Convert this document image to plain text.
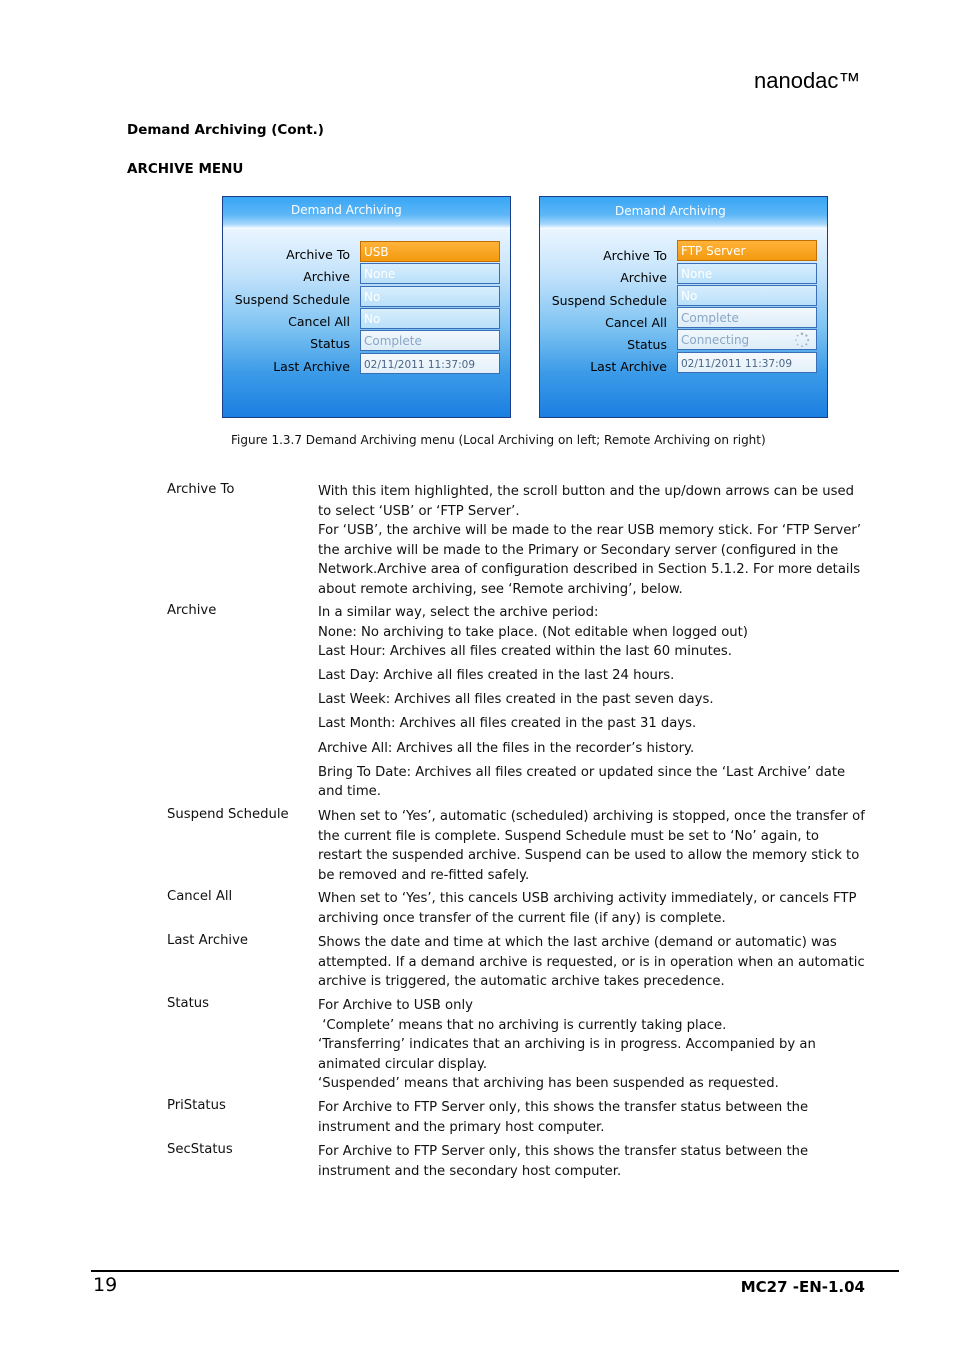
nanodac™
Demand Archiving (Cont.)
ARCHIVE MENU
Demand Archiving
Archive To	USB
Archive	None
Suspend Schedule	No
Cancel All	No
Status	Complete
Last Archive	02/11/2011 11:37:09
Demand Archiving
Archive To	FTP Server
Archive	None
Suspend Schedule	No
Cancel All	Complete
Status	Connecting
Last Archive	02/11/2011 11:37:09
Figure 1.3.7 Demand Archiving menu (Local Archiving on left; Remote Archiving on right)
Archive To	With this item highlighted, the scroll button and the up/down arrows can be used to select ‘USB’ or ‘FTP Server’.

For ‘USB’, the archive will be made to the rear USB memory stick. For ‘FTP Server’ the archive will be made to the Primary or Secondary server (configured in the Network.Archive area of configuration described in Section 5.1.2. For more details about remote archiving, see ‘Remote archiving’, below.

Archive	In a similar way, select the archive period:

None: No archiving to take place. (Not editable when logged out)

Last Hour: Archives all files created within the last 60 minutes.

Last Day: Archive all files created in the last 24 hours.

Last Week: Archives all files created in the past seven days.

Last Month: Archives all files created in the past 31 days.

Archive All: Archives all the files in the recorder’s history.

Bring To Date: Archives all files created or updated since the ‘Last Archive’ date and time.

Suspend Schedule When set to ‘Yes’, automatic (scheduled) archiving is stopped, once the transfer of the current file is complete. Suspend Schedule must be set to ‘No’ again, to restart the suspended archive. Suspend can be used to allow the memory stick to be removed and re-fitted safely.

Cancel All	When set to ‘Yes’, this cancels USB archiving activity immediately, or cancels FTP archiving once transfer of the current file (if any) is complete.

Last Archive	Shows the date and time at which the last archive (demand or automatic) was attempted. If a demand archive is requested, or is in operation when an automatic archive is triggered, the automatic archive takes precedence.

Status	For Archive to USB only

‘Complete’ means that no archiving is currently taking place.

‘Transferring’ indicates that an archiving is in progress. Accompanied by an animated circular display.

‘Suspended’ means that archiving has been suspended as requested.

PriStatus	For Archive to FTP Server only, this shows the transfer status between the instrument and the primary host computer.

SecStatus	For Archive to FTP Server only, this shows the transfer status between the instrument and the secondary host computer.

19	MC27 -EN-1.04
